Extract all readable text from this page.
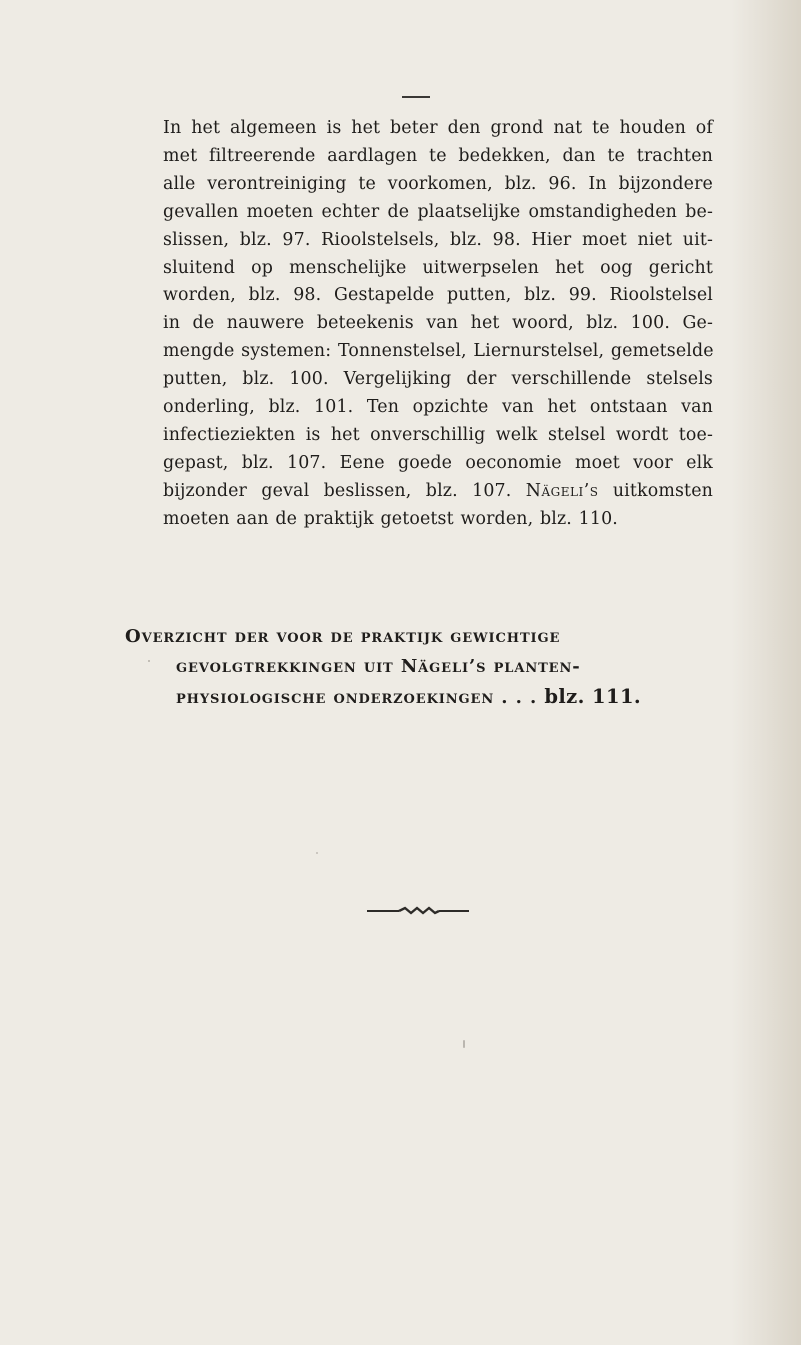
In het algemeen is het beter den grond nat te houden of
met filtreerende aardlagen te bedekken, dan te trachten
alle verontreiniging te voorkomen, blz. 96. In bijzondere
gevallen moeten echter de plaatselijke omstandigheden be-
slissen, blz. 97. Rioolstelsels, blz. 98. Hier moet niet uit-
sluitend op menschelijke uitwerpselen het oog gericht
worden, blz. 98. Gestapelde putten, blz. 99. Rioolstelsel
in de nauwere beteekenis van het woord, blz. 100. Ge-
mengde systemen: Tonnenstelsel, Liernurstelsel, gemetselde
putten, blz. 100. Vergelijking der verschillende stelsels
onderling, blz. 101. Ten opzichte van het ontstaan van
infectieziekten is het onverschillig welk stelsel wordt toe-
gepast, blz. 107. Eene goede oeconomie moet voor elk
bijzonder geval beslissen, blz. 107. Nägeli’s uitkomsten
moeten aan de praktijk getoetst worden, blz. 110.

Overzicht der voor de praktijk gewichtige
gevolgtrekkingen uit Nägeli’s planten-
physiologische onderzoekingen . . . blz. 111.
